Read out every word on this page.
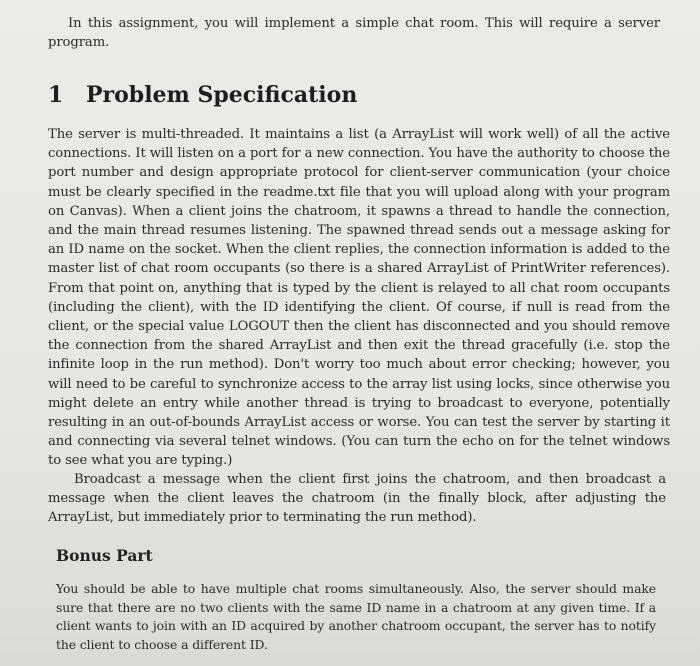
In this assignment, you will implement a simple chat room. This will require a server program.

1 Problem Specification

The server is multi-threaded. It maintains a list (a ArrayList will work well) of all the active connections. It will listen on a port for a new connection. You have the authority to choose the port number and design appropriate protocol for client-server communication (your choice must be clearly specified in the readme.txt file that you will upload along with your program on Canvas). When a client joins the chatroom, it spawns a thread to handle the connection, and the main thread resumes listening. The spawned thread sends out a message asking for an ID name on the socket. When the client replies, the connection information is added to the master list of chat room occupants (so there is a shared ArrayList of PrintWriter references). From that point on, anything that is typed by the client is relayed to all chat room occupants (including the client), with the ID identifying the client. Of course, if null is read from the client, or the special value LOGOUT then the client has disconnected and you should remove the connection from the shared ArrayList and then exit the thread gracefully (i.e. stop the infinite loop in the run method). Don't worry too much about error checking; however, you will need to be careful to synchronize access to the array list using locks, since otherwise you might delete an entry while another thread is trying to broadcast to everyone, potentially resulting in an out-of-bounds ArrayList access or worse. You can test the server by starting it and connecting via several telnet windows. (You can turn the echo on for the telnet windows to see what you are typing.)

Broadcast a message when the client first joins the chatroom, and then broadcast a message when the client leaves the chatroom (in the finally block, after adjusting the ArrayList, but immediately prior to terminating the run method).

Bonus Part

You should be able to have multiple chat rooms simultaneously. Also, the server should make sure that there are no two clients with the same ID name in a chatroom at any given time. If a client wants to join with an ID acquired by another chatroom occupant, the server has to notify the client to choose a different ID.
